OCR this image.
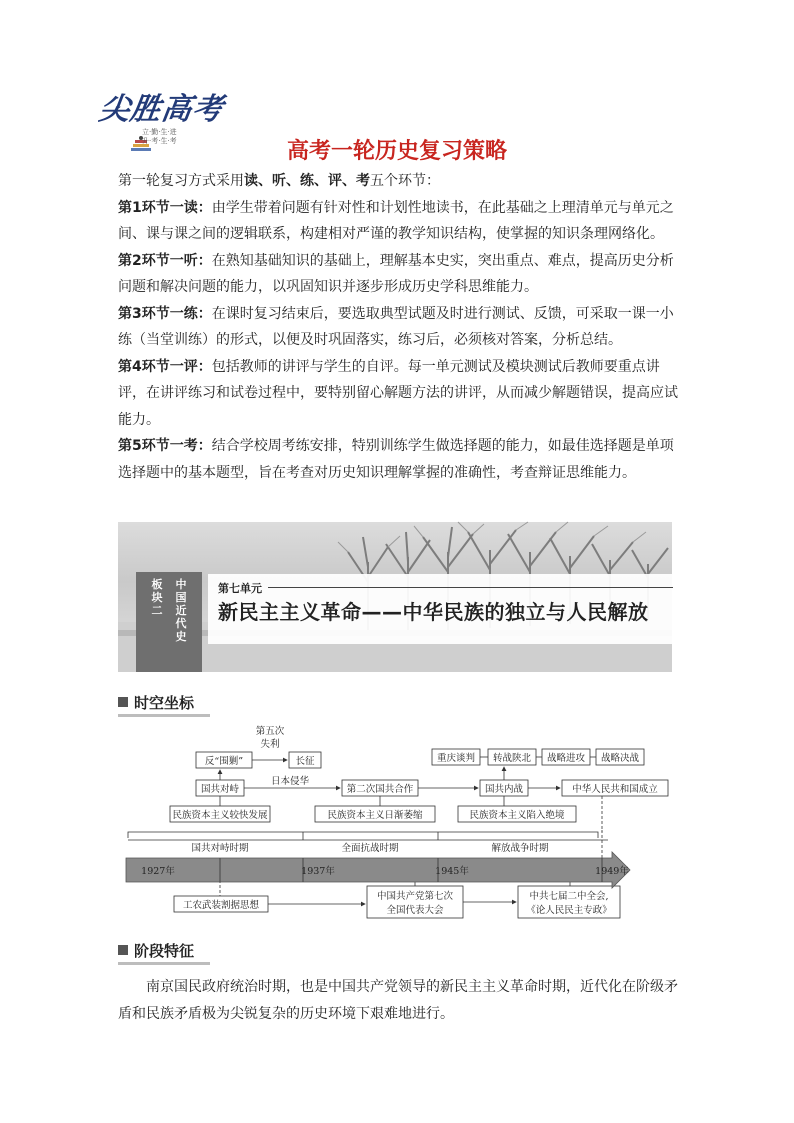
尖胜高考
立·勤·生·进
升·考·生·考	高考一轮历史复习策略

第一轮复习方式采用读、听、练、评、考五个环节：

第1环节一读：由学生带着问题有针对性和计划性地读书，在此基础之上理清单元与单元之间、课与课之间的逻辑联系，构建相对严谨的教学知识结构，使掌握的知识条理网络化。

第2环节一听：在熟知基础知识的基础上，理解基本史实，突出重点、难点，提高历史分析问题和解决问题的能力，以巩固知识并逐步形成历史学科思维能力。

第3环节一练：在课时复习结束后，要选取典型试题及时进行测试、反馈，可采取一课一小练（当堂训练）的形式，以便及时巩固落实，练习后，必须核对答案，分析总结。

第4环节一评：包括教师的讲评与学生的自评。每一单元测试及模块测试后教师要重点讲评，在讲评练习和试卷过程中，要特别留心解题方法的讲评，从而减少解题错误，提高应试能力。

第5环节一考：结合学校周考练安排，特别训练学生做选择题的能力，如最佳选择题是单项选择题中的基本题型，旨在考查对历史知识理解掌握的准确性，考查辩证思维能力。

板块二
中国近代史
第七单元
新民主主义革命——中华民族的独立与人民解放
时空坐标
第五次
失利
反“围剿”	长征	重庆谈判 转战陕北 战略进攻 战略决战
国共对峙
日本侵华
第二次国共合作	国共内战	中华人民共和国成立
民族资本主义较快发展	民族资本主义日渐萎缩	民族资本主义陷入绝境
国共对峙时期	全面抗战时期	解放战争时期
1927年	1937年	1945年	1949年
工农武装割据思想
中国共产党第七次
全国代表大会
中共七届二中全会,
《论人民民主专政》
阶段特征

南京国民政府统治时期，也是中国共产党领导的新民主主义革命时期，近代化在阶级矛盾和民族矛盾极为尖锐复杂的历史环境下艰难地进行。
